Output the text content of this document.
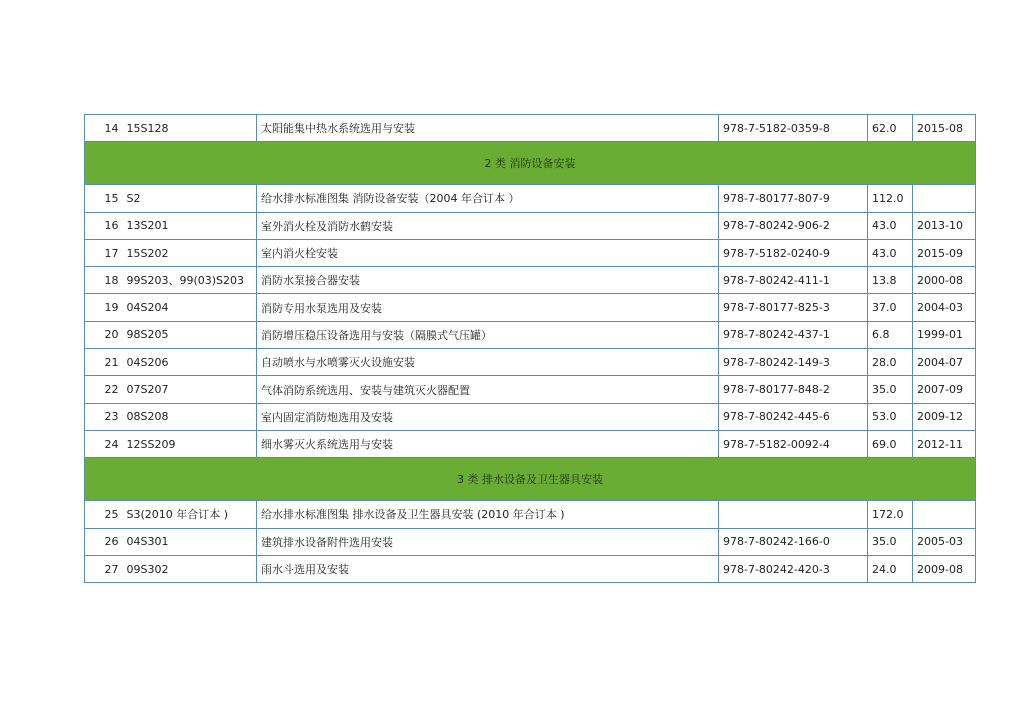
14	15S128	太阳能集中热水系统选用与安装	978-7-5182-0359-8	62.0	2015-08
2 类 消防设备安装					
15	S2	给水排水标准图集 消防设备安装（2004 年合订本 ）	978-7-80177-807-9	112.0	
16	13S201	室外消火栓及消防水鹤安装	978-7-80242-906-2	43.0	2013-10
17	15S202	室内消火栓安装	978-7-5182-0240-9	43.0	2015-09
18	99S203、99(03)S203	消防水泵接合器安装	978-7-80242-411-1	13.8	2000-08
19	04S204	消防专用水泵选用及安装	978-7-80177-825-3	37.0	2004-03
20	98S205	消防增压稳压设备选用与安装（隔膜式气压罐）	978-7-80242-437-1	6.8	1999-01
21	04S206	自动喷水与水喷雾灭火设施安装	978-7-80242-149-3	28.0	2004-07
22	07S207	气体消防系统选用、安装与建筑灭火器配置	978-7-80177-848-2	35.0	2007-09
23	08S208	室内固定消防炮选用及安装	978-7-80242-445-6	53.0	2009-12
24	12SS209	细水雾灭火系统选用与安装	978-7-5182-0092-4	69.0	2012-11
3 类 排水设备及卫生器具安装					
25	S3(2010 年合订本 )	给水排水标准图集 排水设备及卫生器具安装 (2010 年合订本 )		172.0	
26	04S301	建筑排水设备附件选用安装	978-7-80242-166-0	35.0	2005-03
27	09S302	雨水斗选用及安装	978-7-80242-420-3	24.0	2009-08
